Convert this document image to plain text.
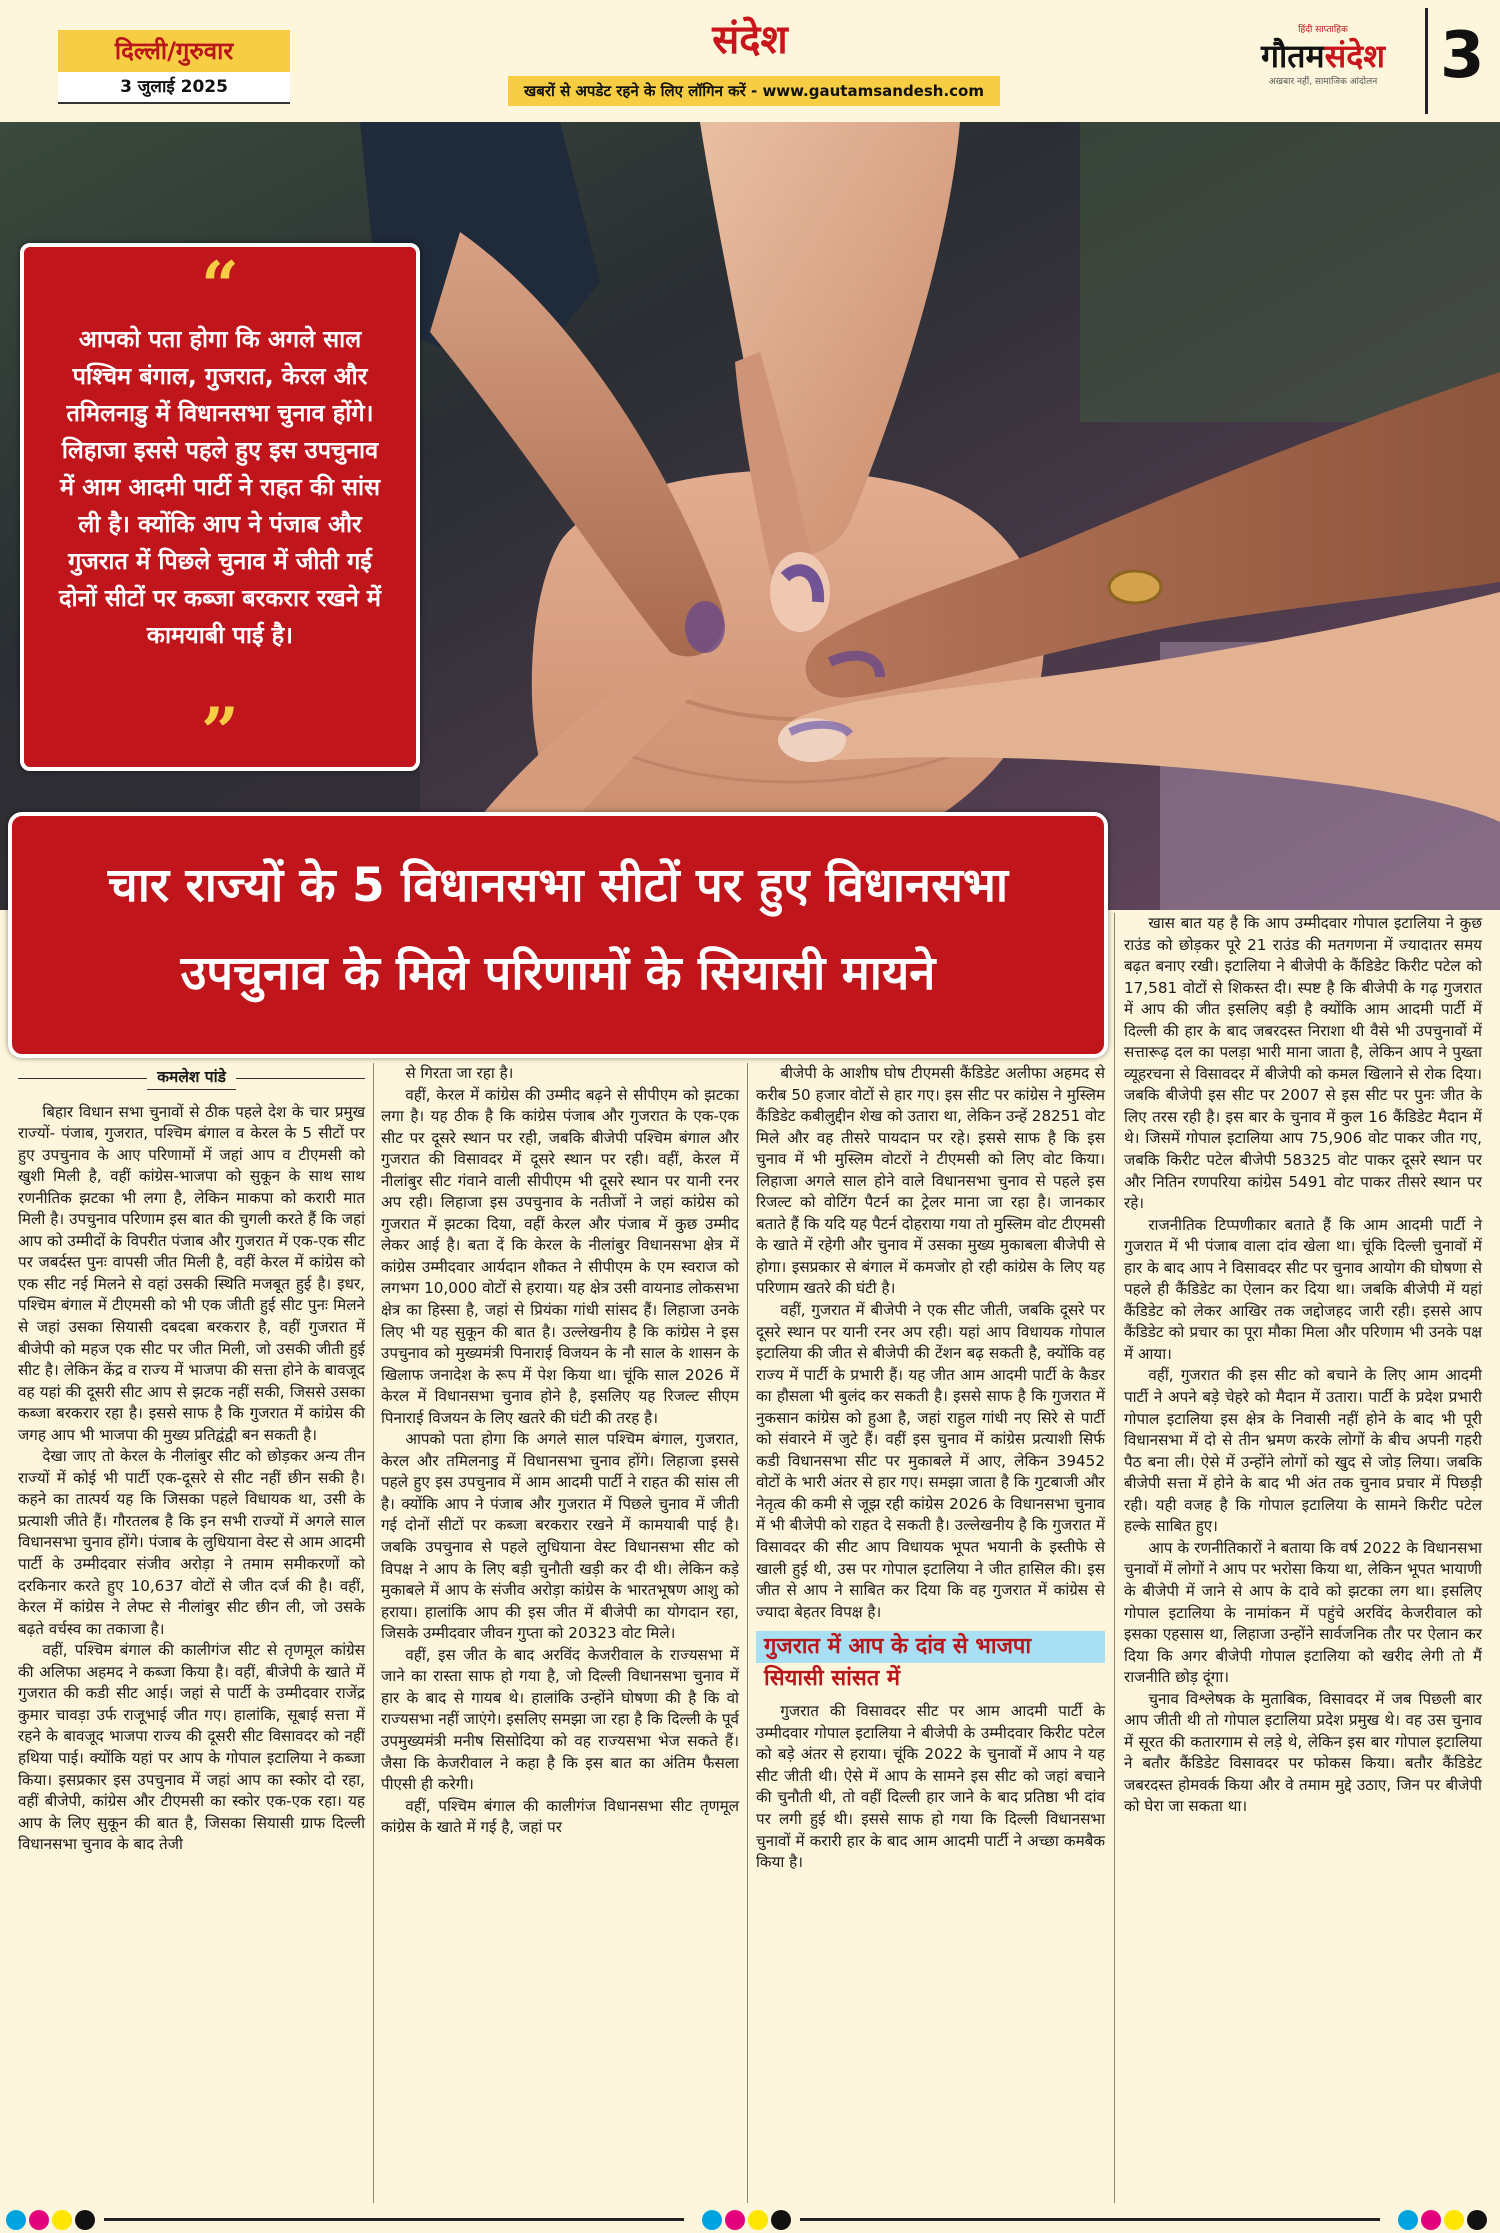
दिल्ली/गुरुवार
3 जुलाई 2025
संदेश
खबरों से अपडेट रहने के लिए लॉगिन करें - www.gautamsandesh.com
हिंदी साप्ताहिक
गौतमसंदेश
अखबार नहीं, सामाजिक आंदोलन 3
“
आपको पता होगा कि अगले साल पश्चिम बंगाल, गुजरात, केरल और तमिलनाडु में विधानसभा चुनाव होंगे। लिहाजा इससे पहले हुए इस उपचुनाव में आम आदमी पार्टी ने राहत की सांस ली है। क्योंकि आप ने पंजाब और गुजरात में पिछले चुनाव में जीती गई दोनों सीटों पर कब्जा बरकरार रखने में कामयाबी पाई है।
”
चार राज्यों के 5 विधानसभा सीटों पर हुए विधानसभा
उपचुनाव के मिले परिणामों के सियासी मायने
कमलेश पांडे

बिहार विधान सभा चुनावों से ठीक पहले देश के चार प्रमुख राज्यों- पंजाब, गुजरात, पश्चिम बंगाल व केरल के 5 सीटों पर हुए उपचुनाव के आए परिणामों में जहां आप व टीएमसी को खुशी मिली है, वहीं कांग्रेस-भाजपा को सुकून के साथ साथ रणनीतिक झटका भी लगा है, लेकिन माकपा को करारी मात मिली है। उपचुनाव परिणाम इस बात की चुगली करते हैं कि जहां आप को उम्मीदों के विपरीत पंजाब और गुजरात में एक-एक सीट पर जबर्दस्त पुनः वापसी जीत मिली है, वहीं केरल में कांग्रेस को एक सीट नई मिलने से वहां उसकी स्थिति मजबूत हुई है। इधर, पश्चिम बंगाल में टीएमसी को भी एक जीती हुई सीट पुनः मिलने से जहां उसका सियासी दबदबा बरकरार है, वहीं गुजरात में बीजेपी को महज एक सीट पर जीत मिली, जो उसकी जीती हुई सीट है। लेकिन केंद्र व राज्य में भाजपा की सत्ता होने के बावजूद वह यहां की दूसरी सीट आप से झटक नहीं सकी, जिससे उसका कब्जा बरकरार रहा है। इससे साफ है कि गुजरात में कांग्रेस की जगह आप भी भाजपा की मुख्य प्रतिद्वंद्वी बन सकती है।

देखा जाए तो केरल के नीलांबुर सीट को छोड़कर अन्य तीन राज्यों में कोई भी पार्टी एक-दूसरे से सीट नहीं छीन सकी है। कहने का तात्पर्य यह कि जिसका पहले विधायक था, उसी के प्रत्याशी जीते हैं। गौरतलब है कि इन सभी राज्यों में अगले साल विधानसभा चुनाव होंगे। पंजाब के लुधियाना वेस्ट से आम आदमी पार्टी के उम्मीदवार संजीव अरोड़ा ने तमाम समीकरणों को दरकिनार करते हुए 10,637 वोटों से जीत दर्ज की है। वहीं, केरल में कांग्रेस ने लेफ्ट से नीलांबुर सीट छीन ली, जो उसके बढ़ते वर्चस्व का तकाजा है।

वहीं, पश्चिम बंगाल की कालीगंज सीट से तृणमूल कांग्रेस की अलिफा अहमद ने कब्जा किया है। वहीं, बीजेपी के खाते में गुजरात की कडी सीट आई। जहां से पार्टी के उम्मीदवार राजेंद्र कुमार चावड़ा उर्फ राजूभाई जीत गए। हालांकि, सूबाई सत्ता में रहने के बावजूद भाजपा राज्य की दूसरी सीट विसावदर को नहीं हथिया पाई। क्योंकि यहां पर आप के गोपाल इटालिया ने कब्जा किया। इसप्रकार इस उपचुनाव में जहां आप का स्कोर दो रहा, वहीं बीजेपी, कांग्रेस और टीएमसी का स्कोर एक-एक रहा। यह आप के लिए सुकून की बात है, जिसका सियासी ग्राफ दिल्ली विधानसभा चुनाव के बाद तेजी

से गिरता जा रहा है।

वहीं, केरल में कांग्रेस की उम्मीद बढ़ने से सीपीएम को झटका लगा है। यह ठीक है कि कांग्रेस पंजाब और गुजरात के एक-एक सीट पर दूसरे स्थान पर रही, जबकि बीजेपी पश्चिम बंगाल और गुजरात की विसावदर में दूसरे स्थान पर रही। वहीं, केरल में नीलांबुर सीट गंवाने वाली सीपीएम भी दूसरे स्थान पर यानी रनर अप रही। लिहाजा इस उपचुनाव के नतीजों ने जहां कांग्रेस को गुजरात में झटका दिया, वहीं केरल और पंजाब में कुछ उम्मीद लेकर आई है। बता दें कि केरल के नीलांबुर विधानसभा क्षेत्र में कांग्रेस उम्मीदवार आर्यदान शौकत ने सीपीएम के एम स्वराज को लगभग 10,000 वोटों से हराया। यह क्षेत्र उसी वायनाड लोकसभा क्षेत्र का हिस्सा है, जहां से प्रियंका गांधी सांसद हैं। लिहाजा उनके लिए भी यह सुकून की बात है। उल्लेखनीय है कि कांग्रेस ने इस उपचुनाव को मुख्यमंत्री पिनाराई विजयन के नौ साल के शासन के खिलाफ जनादेश के रूप में पेश किया था। चूंकि साल 2026 में केरल में विधानसभा चुनाव होने है, इसलिए यह रिजल्ट सीएम पिनाराई विजयन के लिए खतरे की घंटी की तरह है।

आपको पता होगा कि अगले साल पश्चिम बंगाल, गुजरात, केरल और तमिलनाडु में विधानसभा चुनाव होंगे। लिहाजा इससे पहले हुए इस उपचुनाव में आम आदमी पार्टी ने राहत की सांस ली है। क्योंकि आप ने पंजाब और गुजरात में पिछले चुनाव में जीती गई दोनों सीटों पर कब्जा बरकरार रखने में कामयाबी पाई है। जबकि उपचुनाव से पहले लुधियाना वेस्ट विधानसभा सीट को विपक्ष ने आप के लिए बड़ी चुनौती खड़ी कर दी थी। लेकिन कड़े मुकाबले में आप के संजीव अरोड़ा कांग्रेस के भारतभूषण आशु को हराया। हालांकि आप की इस जीत में बीजेपी का योगदान रहा, जिसके उम्मीदवार जीवन गुप्ता को 20323 वोट मिले।

वहीं, इस जीत के बाद अरविंद केजरीवाल के राज्यसभा में जाने का रास्ता साफ हो गया है, जो दिल्ली विधानसभा चुनाव में हार के बाद से गायब थे। हालांकि उन्होंने घोषणा की है कि वो राज्यसभा नहीं जाएंगे। इसलिए समझा जा रहा है कि दिल्ली के पूर्व उपमुख्यमंत्री मनीष सिसोदिया को वह राज्यसभा भेज सकते हैं। जैसा कि केजरीवाल ने कहा है कि इस बात का अंतिम फैसला पीएसी ही करेगी।

वहीं, पश्चिम बंगाल की कालीगंज विधानसभा सीट तृणमूल कांग्रेस के खाते में गई है, जहां पर

बीजेपी के आशीष घोष टीएमसी कैंडिडेट अलीफा अहमद से करीब 50 हजार वोटों से हार गए। इस सीट पर कांग्रेस ने मुस्लिम कैंडिडेट कबीलुद्दीन शेख को उतारा था, लेकिन उन्हें 28251 वोट मिले और वह तीसरे पायदान पर रहे। इससे साफ है कि इस चुनाव में भी मुस्लिम वोटरों ने टीएमसी को लिए वोट किया। लिहाजा अगले साल होने वाले विधानसभा चुनाव से पहले इस रिजल्ट को वोटिंग पैटर्न का ट्रेलर माना जा रहा है। जानकार बताते हैं कि यदि यह पैटर्न दोहराया गया तो मुस्लिम वोट टीएमसी के खाते में रहेगी और चुनाव में उसका मुख्य मुकाबला बीजेपी से होगा। इसप्रकार से बंगाल में कमजोर हो रही कांग्रेस के लिए यह परिणाम खतरे की घंटी है।

वहीं, गुजरात में बीजेपी ने एक सीट जीती, जबकि दूसरे पर दूसरे स्थान पर यानी रनर अप रही। यहां आप विधायक गोपाल इटालिया की जीत से बीजेपी की टेंशन बढ़ सकती है, क्योंकि वह राज्य में पार्टी के प्रभारी हैं। यह जीत आम आदमी पार्टी के कैडर का हौसला भी बुलंद कर सकती है। इससे साफ है कि गुजरात में नुकसान कांग्रेस को हुआ है, जहां राहुल गांधी नए सिरे से पार्टी को संवारने में जुटे हैं। वहीं इस चुनाव में कांग्रेस प्रत्याशी सिर्फ कडी विधानसभा सीट पर मुकाबले में आए, लेकिन 39452 वोटों के भारी अंतर से हार गए। समझा जाता है कि गुटबाजी और नेतृत्व की कमी से जूझ रही कांग्रेस 2026 के विधानसभा चुनाव में भी बीजेपी को राहत दे सकती है। उल्लेखनीय है कि गुजरात में विसावदर की सीट आप विधायक भूपत भयानी के इस्तीफे से खाली हुई थी, उस पर गोपाल इटालिया ने जीत हासिल की। इस जीत से आप ने साबित कर दिया कि वह गुजरात में कांग्रेस से ज्यादा बेहतर विपक्ष है।

गुजरात में आप के दांव से भाजपा
सियासी सांसत में

गुजरात की विसावदर सीट पर आम आदमी पार्टी के उम्मीदवार गोपाल इटालिया ने बीजेपी के उम्मीदवार किरीट पटेल को बड़े अंतर से हराया। चूंकि 2022 के चुनावों में आप ने यह सीट जीती थी। ऐसे में आप के सामने इस सीट को जहां बचाने की चुनौती थी, तो वहीं दिल्ली हार जाने के बाद प्रतिष्ठा भी दांव पर लगी हुई थी। इससे साफ हो गया कि दिल्ली विधानसभा चुनावों में करारी हार के बाद आम आदमी पार्टी ने अच्छा कमबैक किया है।

खास बात यह है कि आप उम्मीदवार गोपाल इटालिया ने कुछ राउंड को छोड़कर पूरे 21 राउंड की मतगणना में ज्यादातर समय बढ़त बनाए रखी। इटालिया ने बीजेपी के कैंडिडेट किरीट पटेल को 17,581 वोटों से शिकस्त दी। स्पष्ट है कि बीजेपी के गढ़ गुजरात में आप की जीत इसलिए बड़ी है क्योंकि आम आदमी पार्टी में दिल्ली की हार के बाद जबरदस्त निराशा थी वैसे भी उपचुनावों में सत्तारूढ़ दल का पलड़ा भारी माना जाता है, लेकिन आप ने पुख्ता व्यूहरचना से विसावदर में बीजेपी को कमल खिलाने से रोक दिया। जबकि बीजेपी इस सीट पर 2007 से इस सीट पर पुनः जीत के लिए तरस रही है। इस बार के चुनाव में कुल 16 कैंडिडेट मैदान में थे। जिसमें गोपाल इटालिया आप 75,906 वोट पाकर जीत गए, जबकि किरीट पटेल बीजेपी 58325 वोट पाकर दूसरे स्थान पर और नितिन रणपरिया कांग्रेस 5491 वोट पाकर तीसरे स्थान पर रहे।

राजनीतिक टिप्पणीकार बताते हैं कि आम आदमी पार्टी ने गुजरात में भी पंजाब वाला दांव खेला था। चूंकि दिल्ली चुनावों में हार के बाद आप ने विसावदर सीट पर चुनाव आयोग की घोषणा से पहले ही कैंडिडेट का ऐलान कर दिया था। जबकि बीजेपी में यहां कैंडिडेट को लेकर आखिर तक जद्दोजहद जारी रही। इससे आप कैंडिडेट को प्रचार का पूरा मौका मिला और परिणाम भी उनके पक्ष में आया।

वहीं, गुजरात की इस सीट को बचाने के लिए आम आदमी पार्टी ने अपने बड़े चेहरे को मैदान में उतारा। पार्टी के प्रदेश प्रभारी गोपाल इटालिया इस क्षेत्र के निवासी नहीं होने के बाद भी पूरी विधानसभा में दो से तीन भ्रमण करके लोगों के बीच अपनी गहरी पैठ बना ली। ऐसे में उन्होंने लोगों को खुद से जोड़ लिया। जबकि बीजेपी सत्ता में होने के बाद भी अंत तक चुनाव प्रचार में पिछड़ी रही। यही वजह है कि गोपाल इटालिया के सामने किरीट पटेल हल्के साबित हुए।

आप के रणनीतिकारों ने बताया कि वर्ष 2022 के विधानसभा चुनावों में लोगों ने आप पर भरोसा किया था, लेकिन भूपत भायाणी के बीजेपी में जाने से आप के दावे को झटका लग था। इसलिए गोपाल इटालिया के नामांकन में पहुंचे अरविंद केजरीवाल को इसका एहसास था, लिहाजा उन्होंने सार्वजनिक तौर पर ऐलान कर दिया कि अगर बीजेपी गोपाल इटालिया को खरीद लेगी तो मैं राजनीति छोड़ दूंगा।

चुनाव विश्लेषक के मुताबिक, विसावदर में जब पिछली बार आप जीती थी तो गोपाल इटालिया प्रदेश प्रमुख थे। वह उस चुनाव में सूरत की कतारगाम से लड़े थे, लेकिन इस बार गोपाल इटालिया ने बतौर कैंडिडेट विसावदर पर फोकस किया। बतौर कैंडिडेट जबरदस्त होमवर्क किया और वे तमाम मुद्दे उठाए, जिन पर बीजेपी को घेरा जा सकता था।
